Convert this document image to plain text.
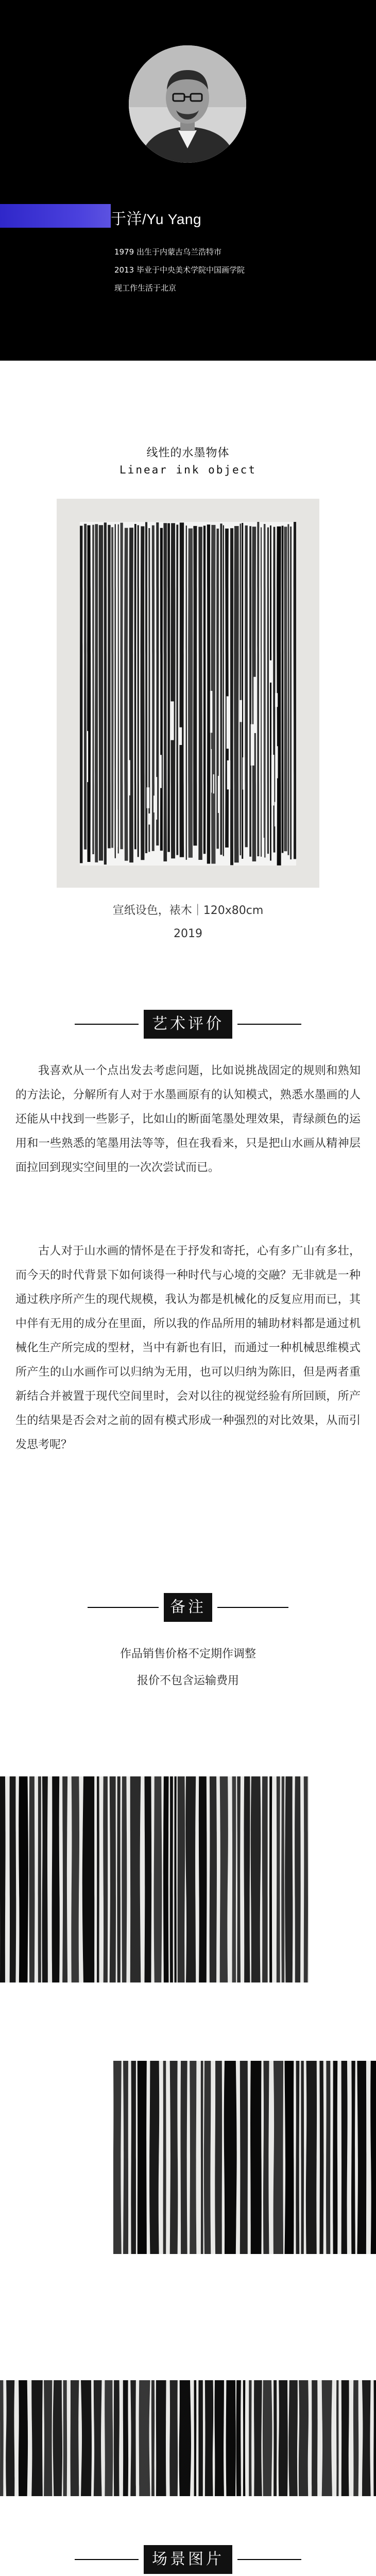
于洋/Yu Yang
1979 出生于内蒙古乌兰浩特市
2013 毕业于中央美术学院中国画学院
现工作生活于北京
线性的水墨物体
Linear ink object
宣纸设色，裱木｜120x80cm
2019
艺术评价
我喜欢从一个点出发去考虑问题，比如说挑战固定的规则和熟知的方法论，分解所有人对于水墨画原有的认知模式，熟悉水墨画的人还能从中找到一些影子，比如山的断面笔墨处理效果，青绿颜色的运用和一些熟悉的笔墨用法等等，但在我看来，只是把山水画从精神层面拉回到现实空间里的一次次尝试而已。
古人对于山水画的情怀是在于抒发和寄托，心有多广山有多壮，而今天的时代背景下如何谈得一种时代与心境的交融？无非就是一种通过秩序所产生的现代规模，我认为都是机械化的反复应用而已，其中伴有无用的成分在里面，所以我的作品所用的辅助材料都是通过机械化生产所完成的型材，当中有新也有旧，而通过一种机械思维模式所产生的山水画作可以归纳为无用，也可以归纳为陈旧，但是两者重新结合并被置于现代空间里时，会对以往的视觉经验有所回顾，所产生的结果是否会对之前的固有模式形成一种强烈的对比效果，从而引发思考呢？
备注
作品销售价格不定期作调整
报价不包含运输费用
场景图片
